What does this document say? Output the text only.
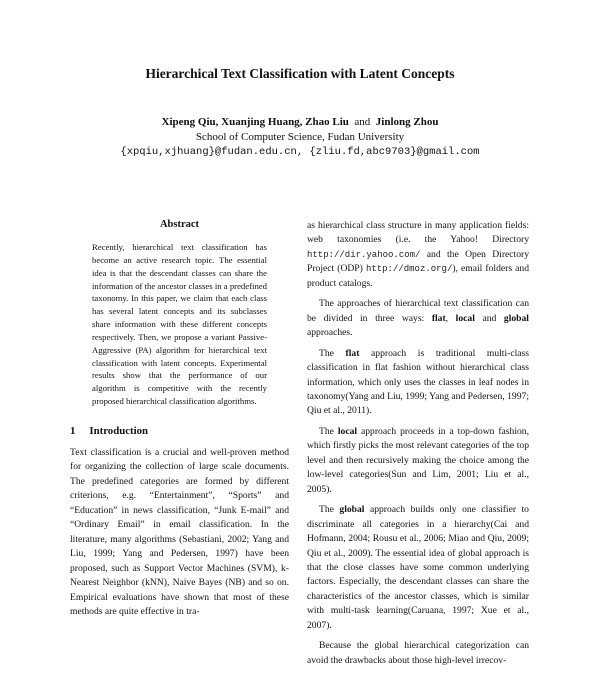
Hierarchical Text Classification with Latent Concepts
Xipeng Qiu, Xuanjing Huang, Zhao Liu and Jinlong Zhou
School of Computer Science, Fudan University
{xpqiu,xjhuang}@fudan.edu.cn, {zliu.fd,abc9703}@gmail.com
Abstract
Recently, hierarchical text classification has become an active research topic. The essential idea is that the descendant classes can share the information of the ancestor classes in a predefined taxonomy. In this paper, we claim that each class has several latent concepts and its subclasses share information with these different concepts respectively. Then, we propose a variant Passive-Aggressive (PA) algorithm for hierarchical text classification with latent concepts. Experimental results show that the performance of our algorithm is competitive with the recently proposed hierarchical classification algorithms.
1 Introduction
Text classification is a crucial and well-proven method for organizing the collection of large scale documents. The predefined categories are formed by different criterions, e.g. “Entertainment”, “Sports” and “Education” in news classification, “Junk E-mail” and “Ordinary Email” in email classification. In the literature, many algorithms (Sebastiani, 2002; Yang and Liu, 1999; Yang and Pedersen, 1997) have been proposed, such as Support Vector Machines (SVM), k-Nearest Neighbor (kNN), Naive Bayes (NB) and so on. Empirical evaluations have shown that most of these methods are quite effective in tra-

as hierarchical class structure in many application fields: web taxonomies (i.e. the Yahoo! Directory http://dir.yahoo.com/ and the Open Directory Project (ODP) http://dmoz.org/), email folders and product catalogs.

The approaches of hierarchical text classification can be divided in three ways: flat, local and global approaches.

The flat approach is traditional multi-class classification in flat fashion without hierarchical class information, which only uses the classes in leaf nodes in taxonomy(Yang and Liu, 1999; Yang and Pedersen, 1997; Qiu et al., 2011).

The local approach proceeds in a top-down fashion, which firstly picks the most relevant categories of the top level and then recursively making the choice among the low-level categories(Sun and Lim, 2001; Liu et al., 2005).

The global approach builds only one classifier to discriminate all categories in a hierarchy(Cai and Hofmann, 2004; Rousu et al., 2006; Miao and Qiu, 2009; Qiu et al., 2009). The essential idea of global approach is that the close classes have some common underlying factors. Especially, the descendant classes can share the characteristics of the ancestor classes, which is similar with multi-task learning(Caruana, 1997; Xue et al., 2007).

Because the global hierarchical categorization can avoid the drawbacks about those high-level irrecov-
